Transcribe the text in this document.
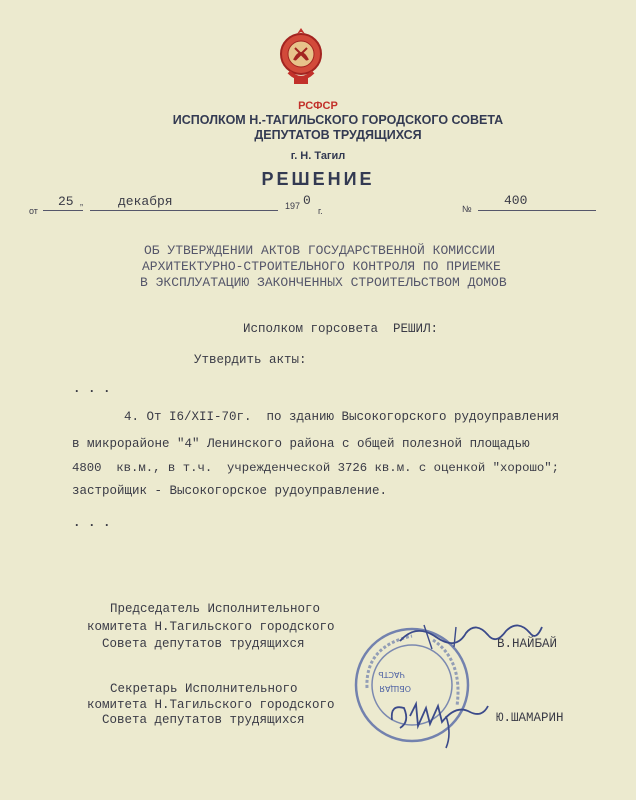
РСФСР
ИСПОЛКОМ Н.-ТАГИЛЬСКОГО ГОРОДСКОГО СОВЕТА
ДЕПУТАТОВ ТРУДЯЩИХСЯ
г. Н. Тагил
РЕШЕНИЕ
от
25 „	декабря	197 0
г.	№
400
ОБ УТВЕРЖДЕНИИ АКТОВ ГОСУДАРСТВЕННОЙ КОМИССИИ
АРХИТЕКТУРНО-СТРОИТЕЛЬНОГО КОНТРОЛЯ ПО ПРИЕМКЕ
В ЭКСПЛУАТАЦИЮ ЗАКОНЧЕННЫХ СТРОИТЕЛЬСТВОМ ДОМОВ
Исполком горсовета  РЕШИЛ:
Утвердить акты:
. . .
4. От I6/XII-70г.  по зданию Высокогорского рудоуправления
в микрорайоне "4" Ленинского района с общей полезной площадью
4800  кв.м., в т.ч.  учрежденческой 3726 кв.м. с оценкой "хорошо";
застройщик - Высокогорское рудоуправление.
. . .
Председатель Исполнительного
комитета Н.Тагильского городского
Совета депутатов трудящихся	В.НАЙБАЙ
Секретарь Исполнительного
комитета Н.Тагильского городского
Совета депутатов трудящихся	Ю.ШАМАРИН
ЧАСТЬ
ОБЩАЯ
